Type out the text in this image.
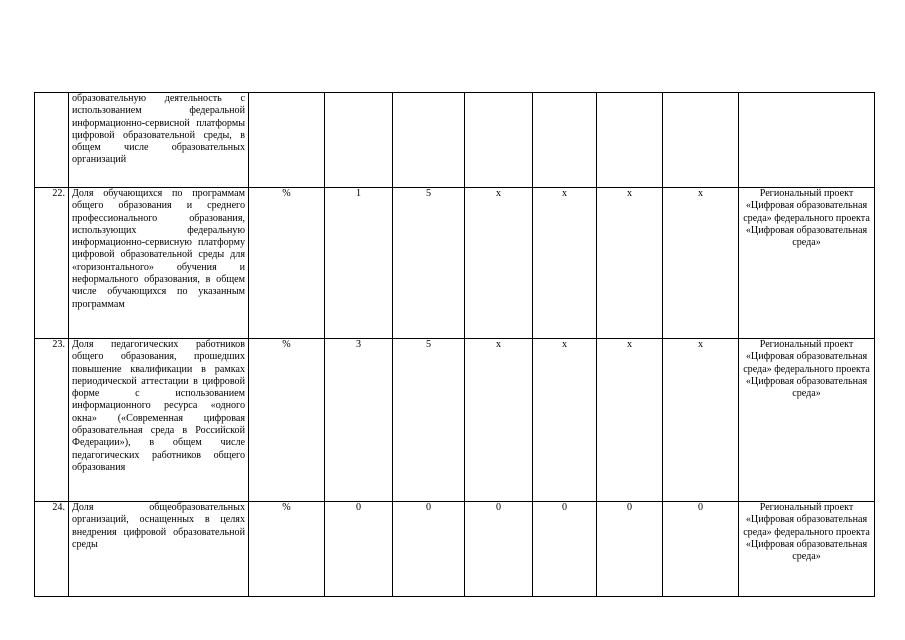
	образовательную деятельность с использованием федеральной информационно-сервисной платформы цифровой образовательной среды, в общем числе образовательных организаций								
22.	Доля обучающихся по программам общего образования и среднего профессионального образования, использующих федеральную информационно-сервисную платформу цифровой образовательной среды для «горизонтального» обучения и неформального образования, в общем числе обучающихся по указанным программам	%	1	5	х	х	х	х	Региональный проект «Цифровая образовательная среда» федерального проекта «Цифровая образовательная среда»
23.	Доля педагогических работников общего образования, прошедших повышение квалификации в рамках периодической аттестации в цифровой форме с использованием информационного ресурса «одного окна» («Современная цифровая образовательная среда в Российской Федерации»), в общем числе педагогических работников общего образования	%	3	5	х	х	х	х	Региональный проект «Цифровая образовательная среда» федерального проекта «Цифровая образовательная среда»
24.	Доля общеобразовательных организаций, оснащенных в целях внедрения цифровой образовательной среды	%	0	0	0	0	0	0	Региональный проект «Цифровая образовательная среда» федерального проекта «Цифровая образовательная среда»
